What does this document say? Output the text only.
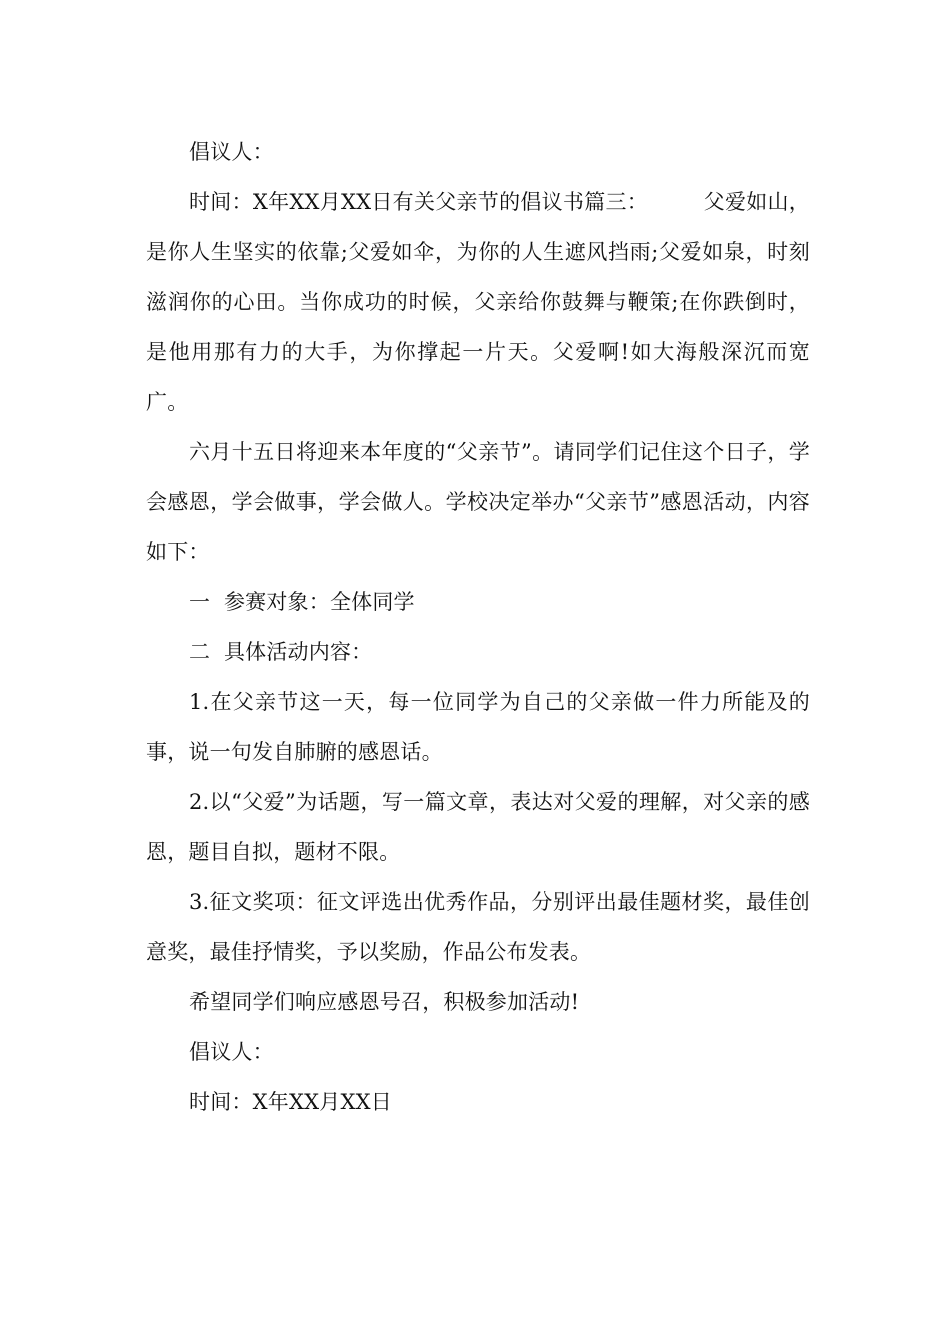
倡议人：

时间：X年XX月XX日有关父亲节的倡议书篇三：        父爱如山，是你人生坚实的依靠;父爱如伞，为你的人生遮风挡雨;父爱如泉，时刻滋润你的心田。当你成功的时候，父亲给你鼓舞与鞭策;在你跌倒时，是他用那有力的大手，为你撑起一片天。父爱啊!如大海般深沉而宽广。

六月十五日将迎来本年度的“父亲节”。请同学们记住这个日子，学会感恩，学会做事，学会做人。学校决定举办“父亲节”感恩活动，内容如下：

一  参赛对象：全体同学

二  具体活动内容：

1.在父亲节这一天，每一位同学为自己的父亲做一件力所能及的事，说一句发自肺腑的感恩话。

2.以“父爱”为话题，写一篇文章，表达对父爱的理解，对父亲的感恩，题目自拟，题材不限。

3.征文奖项：征文评选出优秀作品，分别评出最佳题材奖，最佳创意奖，最佳抒情奖，予以奖励，作品公布发表。

希望同学们响应感恩号召，积极参加活动!

倡议人：

时间：X年XX月XX日
